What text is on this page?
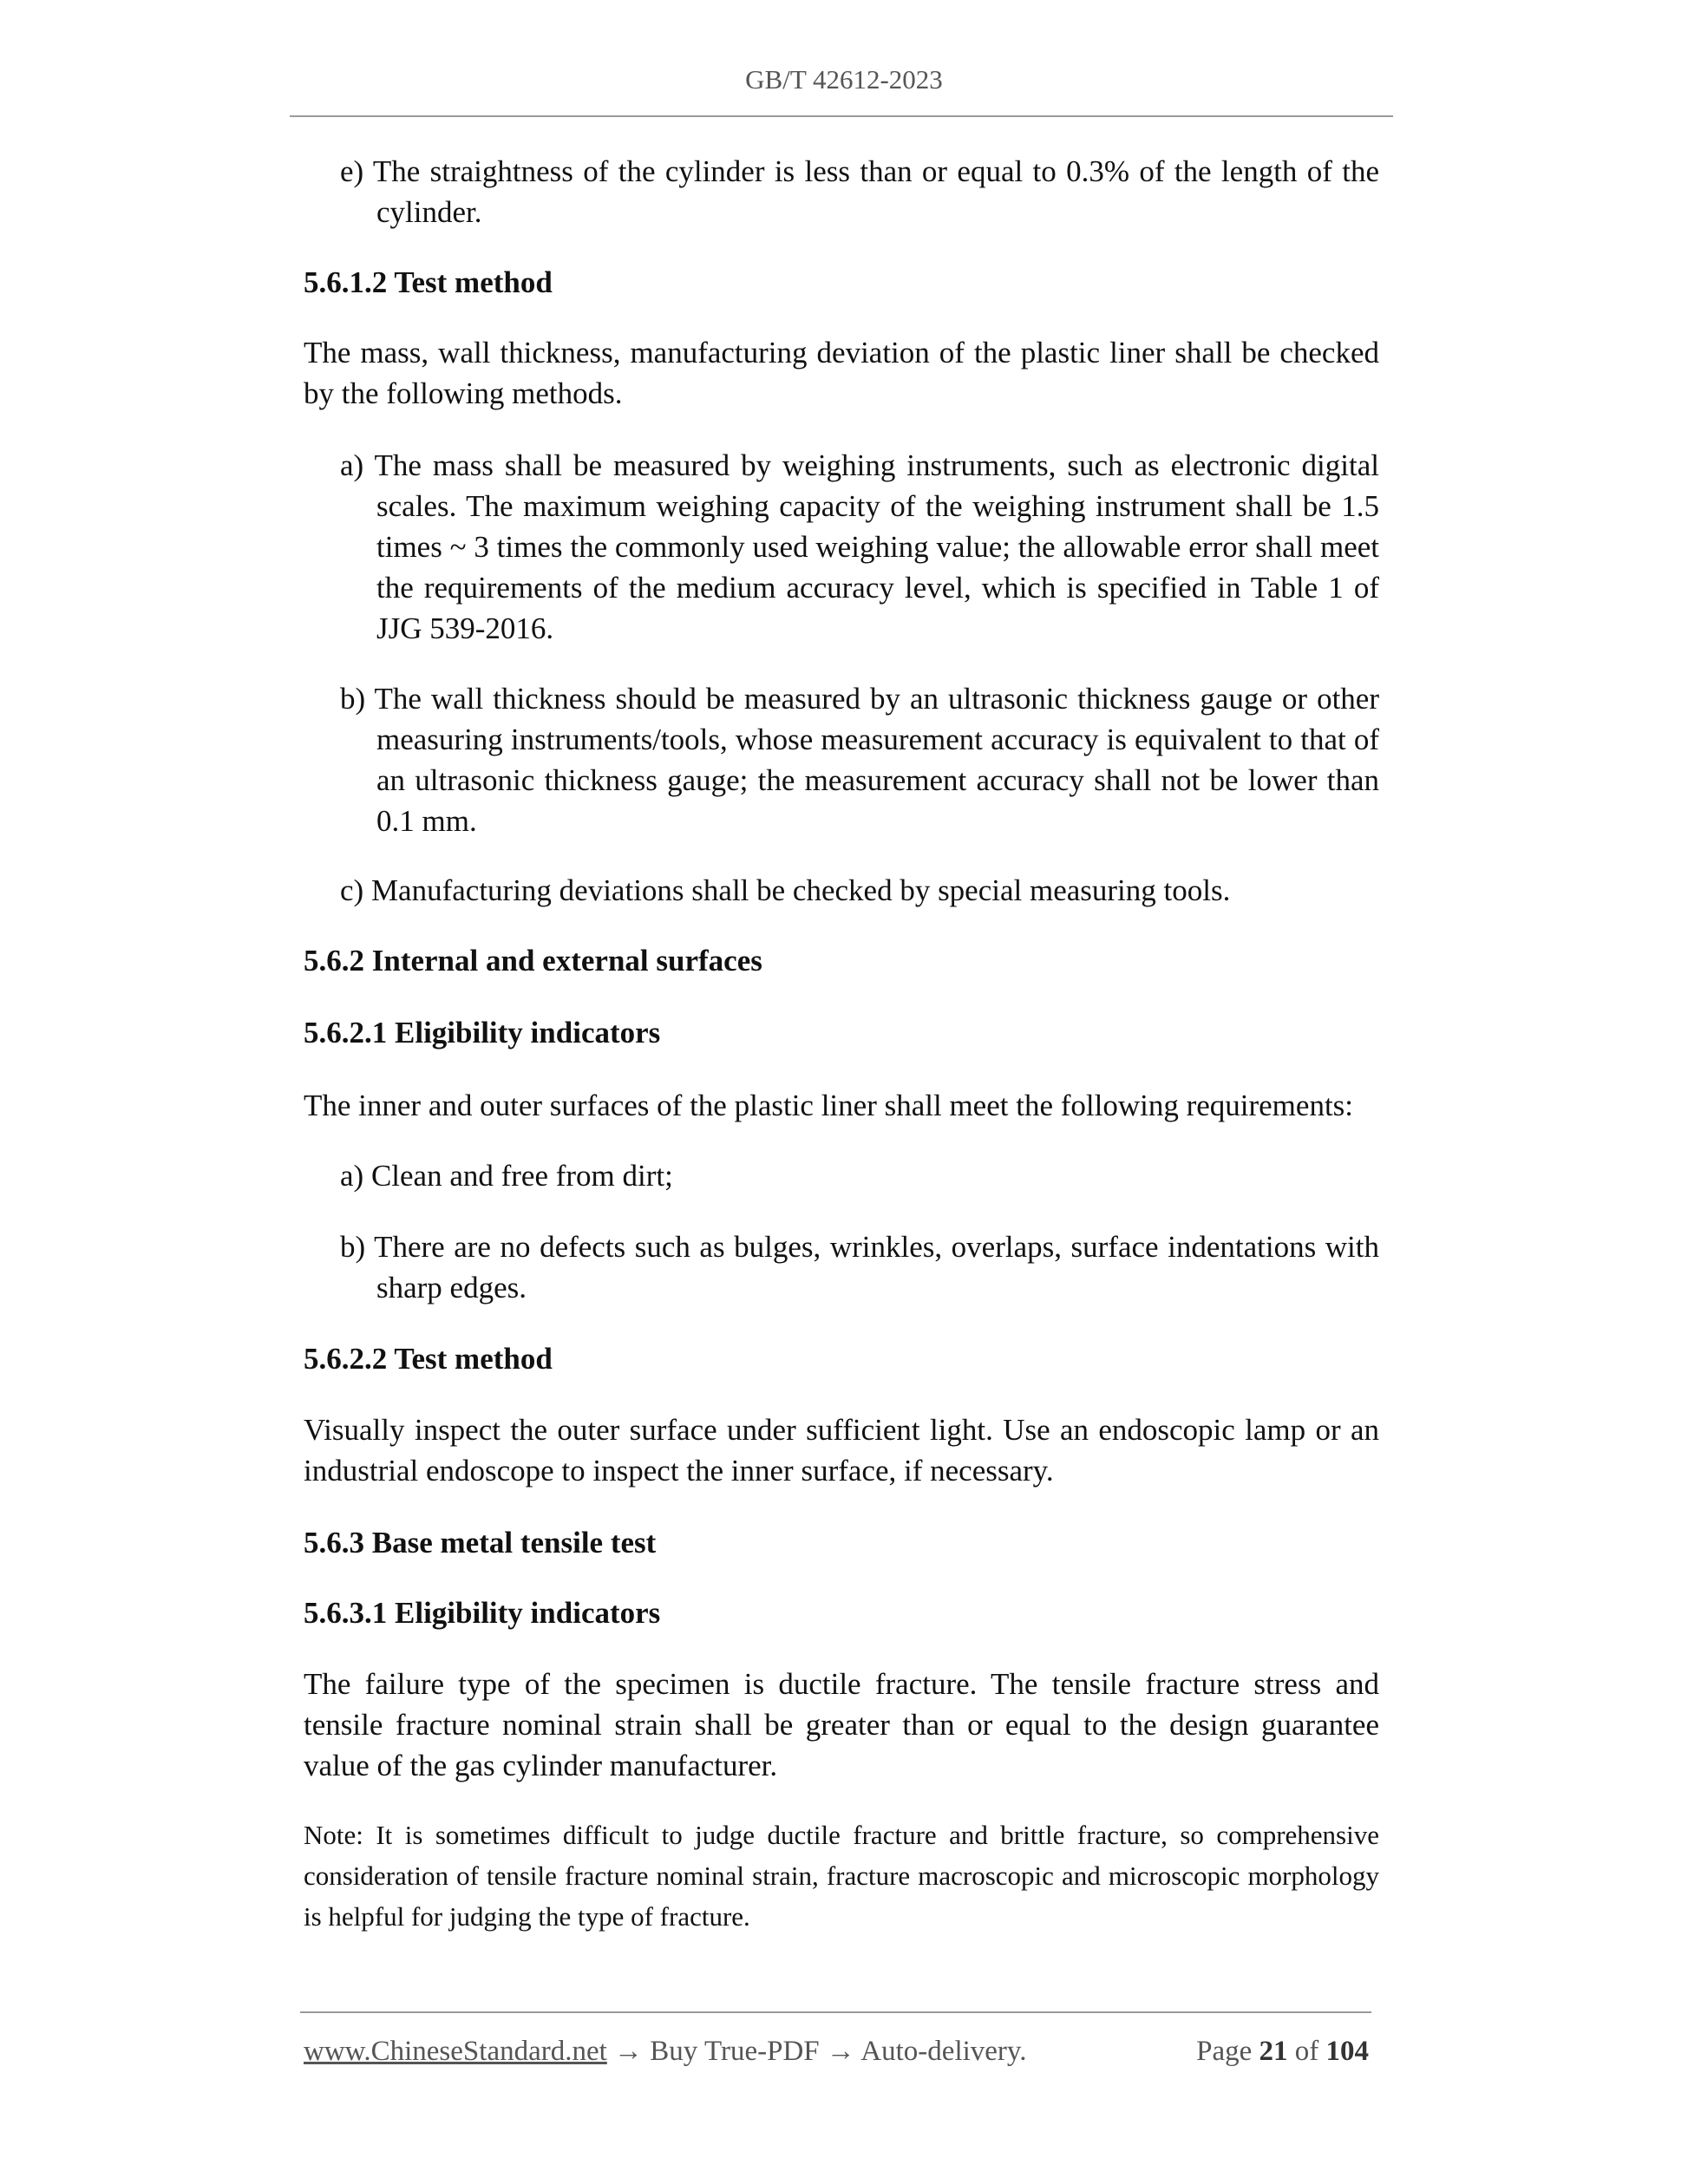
GB/T 42612-2023
e) The straightness of the cylinder is less than or equal to 0.3% of the length of the cylinder.
5.6.1.2 Test method
The mass, wall thickness, manufacturing deviation of the plastic liner shall be checked by the following methods.
a) The mass shall be measured by weighing instruments, such as electronic digital scales. The maximum weighing capacity of the weighing instrument shall be 1.5 times ~ 3 times the commonly used weighing value; the allowable error shall meet the requirements of the medium accuracy level, which is specified in Table 1 of JJG 539-2016.
b) The wall thickness should be measured by an ultrasonic thickness gauge or other measuring instruments/tools, whose measurement accuracy is equivalent to that of an ultrasonic thickness gauge; the measurement accuracy shall not be lower than 0.1 mm.
c) Manufacturing deviations shall be checked by special measuring tools.
5.6.2 Internal and external surfaces
5.6.2.1 Eligibility indicators
The inner and outer surfaces of the plastic liner shall meet the following requirements:
a) Clean and free from dirt;
b) There are no defects such as bulges, wrinkles, overlaps, surface indentations with sharp edges.
5.6.2.2 Test method
Visually inspect the outer surface under sufficient light. Use an endoscopic lamp or an industrial endoscope to inspect the inner surface, if necessary.
5.6.3 Base metal tensile test
5.6.3.1 Eligibility indicators
The failure type of the specimen is ductile fracture. The tensile fracture stress and tensile fracture nominal strain shall be greater than or equal to the design guarantee value of the gas cylinder manufacturer.
Note: It is sometimes difficult to judge ductile fracture and brittle fracture, so comprehensive consideration of tensile fracture nominal strain, fracture macroscopic and microscopic morphology is helpful for judging the type of fracture.
www.ChineseStandard.net → Buy True-PDF → Auto-delivery.	Page 21 of 104
